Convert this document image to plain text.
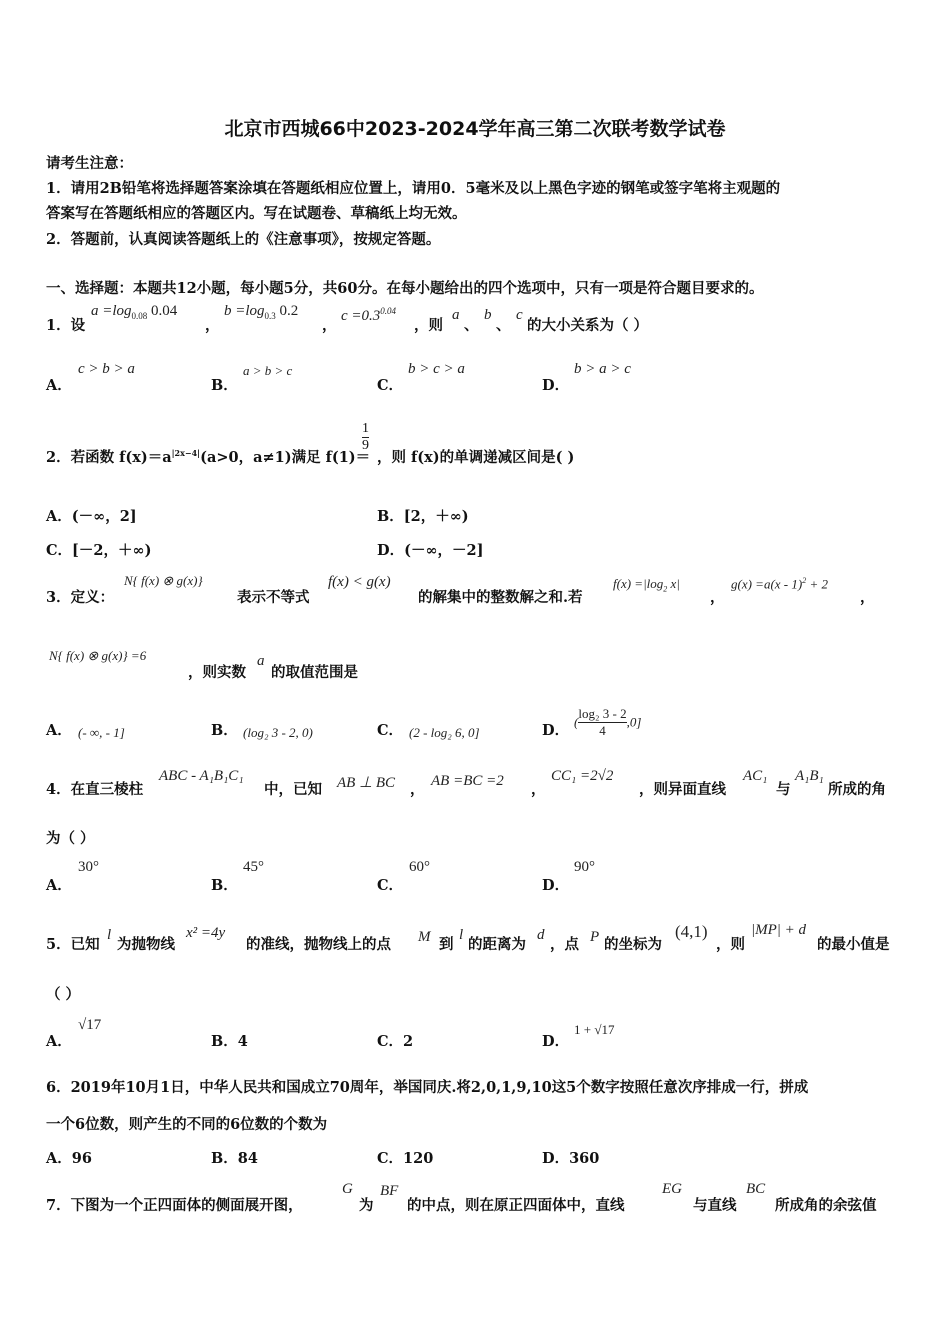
北京市西城66中2023-2024学年高三第二次联考数学试卷
请考生注意：
1．请用2B铅笔将选择题答案涂填在答题纸相应位置上，请用0．5毫米及以上黑色字迹的钢笔或签字笔将主观题的
答案写在答题纸相应的答题区内。写在试题卷、草稿纸上均无效。
2．答题前，认真阅读答题纸上的《注意事项》，按规定答题。
一、选择题：本题共12小题，每小题5分，共60分。在每小题给出的四个选项中，只有一项是符合题目要求的。
1．设
$a =\log_{0.08}$ 0.04
，
$b =\log_{0.3}$ 0.2
，
$c =0.3^{0.04}$
，则
a
、
b
、
c
的大小关系为（ ）
A．
c > b > a
B．
a > b > c
C．
b > c > a
D．
b > a > c
2．若函数 $f(x)=a^{|2x-4|}(a>0$，a≠1)满足 f(1)＝
1
9
，则 f(x)的单调递减区间是( )
A．(－∞，2]	B．[2，＋∞)
C．[－2，＋∞)	D．(－∞，－2]
3．定义：
N{ f(x) ⊗ g(x)}
表示不等式
f(x) < g(x)
的解集中的整数解之和.若
$f(x) =|\log_2$ x|
，
g(x) =a(x - 1)$^2$ + 2
，
N{ f(x) ⊗ g(x)} =6
，则实数
a
的取值范围是
A． (- ∞, - 1]	B． (log₂ 3 - 2, 0)	C． (2 - log₂ 6, 0]	D． ( $\frac{\text{log₂ 3 - 2}}{4} ,0$]
4．在直三棱柱
ABC - A₁B₁C₁
中，已知 AB ⊥ BC ， AB =BC =2 ，
CC₁ =2√2
，则异面直线
AC₁
与
A₁B₁
所成的角
为（ ）
A．
30°
B．
45°
C．
60°
D．
90°
5．已知
l
为抛物线
x² =4y
的准线，抛物线上的点 M 到
l
的距离为
d
，点 P 的坐标为
(4,1)
，则
|MP| + d
的最小值是
（ ）
A．
√17
B．4	C．2	D．
1 + √17
6．2019年10月1日，中华人民共和国成立70周年，举国同庆.将2,0,1,9,10这5个数字按照任意次序排成一行，拼成
一个6位数，则产生的不同的6位数的个数为
A．96	B．84	C．120	D．360
7．下图为一个正四面体的侧面展开图，
G
为
BF
的中点，则在原正四面体中，直线
EG
与直线
BC
所成角的余弦值
